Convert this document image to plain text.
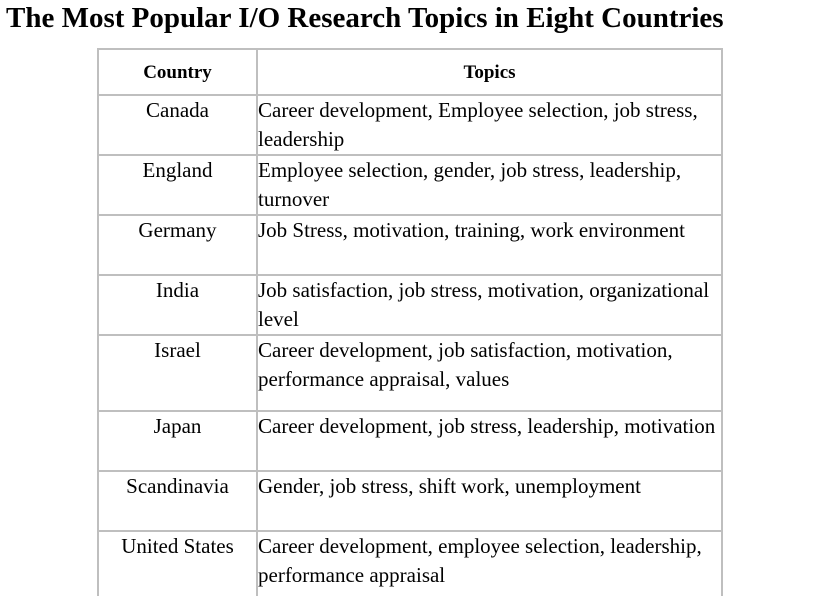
The Most Popular I/O Research Topics in Eight Countries
Country	Topics
Canada	Career development, Employee selection, job stress, leadership
England	Employee selection, gender, job stress, leadership, turnover
Germany	Job Stress, motivation, training, work environment
India	Job satisfaction, job stress, motivation, organizational level
Israel	Career development, job satisfaction, motivation, performance appraisal, values
Japan	Career development, job stress, leadership, motivation
Scandinavia	Gender, job stress, shift work, unemployment
United States	Career development, employee selection, leadership, performance appraisal
